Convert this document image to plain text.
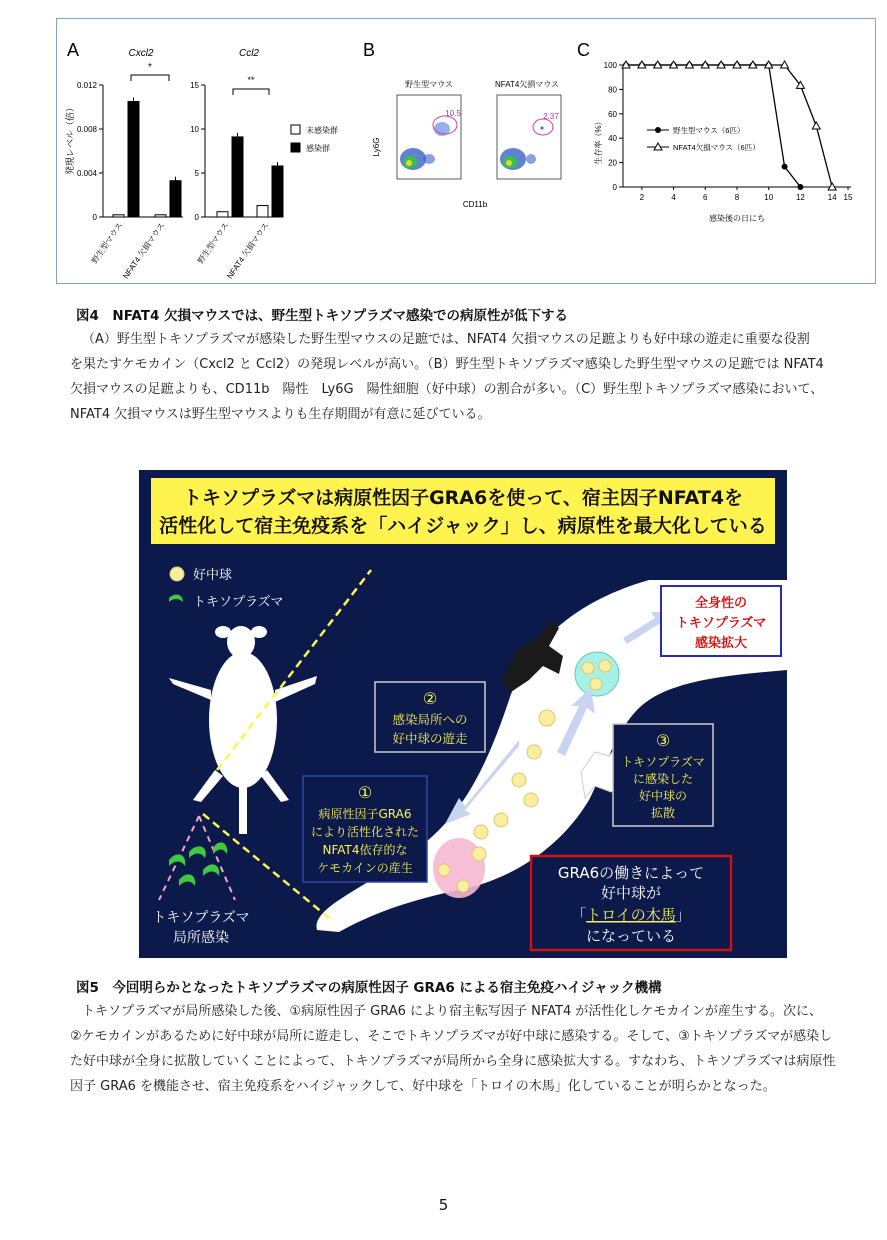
A
発現レベル（倍）
Cxcl2
0.012
0.008
0.004
0
*
野生型マウス
NFAT4 欠損マウス
Ccl2
15
10
5
0
**
野生型マウス
NFAT4 欠損マウス
未感染群
感染群
B
野生型マウス	NFAT4欠損マウス
Ly6G
CD11b
10.5	2.37
C
生存率（%）
0
20
40
60
80
100
2	4	6	8	10	12	14 15
感染後の日にち
野生型マウス（6匹）
NFAT4欠損マウス（6匹）
図4　NFAT4 欠損マウスでは、野生型トキソプラズマ感染での病原性が低下する
（A）野生型トキソプラズマが感染した野生型マウスの足蹠では、NFAT4 欠損マウスの足蹠よりも好中球の遊走に重要な役割
を果たすケモカイン（Cxcl2 と Ccl2）の発現レベルが高い。（B）野生型トキソプラズマ感染した野生型マウスの足蹠では NFAT4
欠損マウスの足蹠よりも、CD11b　陽性　Ly6G　陽性細胞（好中球）の割合が多い。（C）野生型トキソプラズマ感染において、
NFAT4 欠損マウスは野生型マウスよりも生存期間が有意に延びている。
トキソプラズマは病原性因子GRA6を使って、宿主因子NFAT4を
活性化して宿主免疫系を「ハイジャック」し、病原性を最大化している
好中球
トキソプラズマ
トキソプラズマ
局所感染
全身性の
トキソプラズマ
感染拡大
②
感染局所への
好中球の遊走
①
病原性因子GRA6
により活性化された
NFAT4依存的な
ケモカインの産生
③
トキソプラズマ
に感染した
好中球の
拡散
GRA6の働きによって
好中球が
「トロイの木馬」
になっている
図5　今回明らかとなったトキソプラズマの病原性因子 GRA6 による宿主免疫ハイジャック機構
トキソプラズマが局所感染した後、①病原性因子 GRA6 により宿主転写因子 NFAT4 が活性化しケモカインが産生する。次に、
②ケモカインがあるために好中球が局所に遊走し、そこでトキソプラズマが好中球に感染する。そして、③トキソプラズマが感染し
た好中球が全身に拡散していくことによって、トキソプラズマが局所から全身に感染拡大する。すなわち、トキソプラズマは病原性
因子 GRA6 を機能させ、宿主免疫系をハイジャックして、好中球を「トロイの木馬」化していることが明らかとなった。
5
